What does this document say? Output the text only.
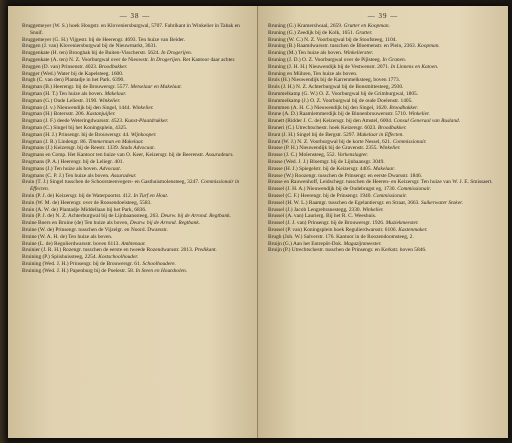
— 38 —

Bruggemeyer (W. S.) hoek Hoogstr. en Kloveniersburgwal, 5707. Fabrikant in Winkelier in Tabak en Snuif.

Bruggemeyer (G. H.) Vijgestr. bij de Heerengr. 4693. Ten huize van Beider.

Bruggen (J. van) Kloveniersburgwal bij de Nieuwmarkt, 3631.

Bruggenkate (H. ten) Brooghak bij de Buiten-Visscherstr. 5624. In Drogerijen.

Bruggenkate (A. ten) N. Z. Voorburgwal over de Nieuwstr. In Drogerijen. Ret Kantoor daar achter.

Bruggen (D. van) Prinsenstr. 4023. Broodbakker.

Brugger (Wed.) Water bij de Kapelsteeg. 1600.

Brugh (C. van den) Plantadje in het Park. 6390.

Brugman (B.) Heerengr. bij de Brouwersgr. 5577. Metselaar en Makelaar.

Brugman (H. T.) Ten huize als boven. Makelaar.

Brugman (G.) Oude Leliestr. 3190. Winkelier.

Brugman (J. v.) Nieuwendijk bij den Singel, 1444. Winkelier.

Brugman (H.) Botersstr. 206. Kastanjuijler.

Brugman (J. F.) deede Weteringdwarsstr. 4523. Kunst-Plaatdrukker.

Brugman (C.) Singel bij het Koningsplein, 4325.

Brugman (H. J.) Prinsengr. bij de Brouwersgr. 44. Wijnkooper.

Brugman (J. R.) Lindengr. 86. Timmerman en Makelaar.

Brugmans (J.) Keizersgr. bij de Reestr. 1339. Stads Advocaat.

Brugmans en Comp. Het Kantoor ten huize van O. Keer, Keizersgr. bij de Beerenstr. Assuradeurs.

Brugmans (P. A.) Heerengr. bij de Leliegr. 401.

Brugmans (J.) Ten huize als boven. Advocaat.

Brugmans (C. P. J.) Ten huize als boven. Assuradeur.

Bruin (T. J.) Singel tusschen de Schoorsteenvegers- en Gasthuismolensteeg, 3247. Commissionair in Effecten.

Bruin (P. J. de) Keizersgr. bij de Waterpoortst. 412. In Turf en Hout.

Bruin (W. M. de) Heerengr. over de Roosendoelsteeg, 5583.

Bruin (A. W. de) Plantadje Middellaan bij het Park, 6836.

Bruin (P. J. de) N. Z. Achterburgwal bij de Lijnbaanssteeg, 263. Deurw. bij de Arrond. Regtbank.

Bruine Boers en Bruine (de) Ten huize als boven, Deurw. bij de Arrond. Regtbank.

Bruine (W. de) Prinsengr. tusschen de Vijzelgr. en Noord. Dwarsstr.

Bruine (W. A. H. de) Ten huize als boven.

Bruine (L. de) Regulierdwarsstr. boven 6113. Ambtenaar.

Bruinier (J. R. H.) Rozengr. tusschen de eerste en tweede Rozendwarsstr. 2013. Predikant.

Bruining (P.) Spiishuissteeg, 2254. Kostschoolhouder.

Bruining (Wed. J. H.) Prinsengr. bij de Brouwersgr. 61. Schoolhoudere.

Bruining (Wed. J. H.) Papenburg bij de Poelestr. 58. In Steen en Houtsholen.

— 39 —

Bruning (G.) Kramerslwaal, 2659. Grutter en Koopman.

Bruning (G.) Zeedijk bij de Kolk, 1651. Grutter.

Bruning (W. C.) N. Z. Voorburgwal bij de Stoofsteeg, 1104.

Bruning (B.) Raamdwarsstr. tusschen de Bloemenstr. en Plein, 2363. Koopman.

Bruning (M.) Ten huize als boven. Winkelierster.

Bruning (J. D.) O. Z. Voorburgwal over de Pijlsteeg. In Granen.

Bruning (J. H. H.) Nieuwendijk bij de Vestwenstr. 2071. In Linnens en Katoen.

Bruning en Mühren, Ten huize als boven.

Bruls (H.) Nieuwendijk bij de Karrenmelksteeg, boven 1773.

Bruls (J. H.) N. Z. Achterburgwal bij de Bonsmittesteeg, 2930.

Brummelkamp (G. W.) O. Z. Voorburgwal bij de Grimburgwal, 1805.

Brummelkamp (J.) O. Z. Voorburgwal bij de oude Doelenstr. 1405.

Brummen (A. H. C.) Nieuwendijk bij den Singel, 1620. Broodbakker.

Brune (A. D.) Raamlemmerdijk bij de Binnenbrouwersstr. 5710. Winkelier.

Brunett (Ridder J. C. de) Keizersgr. bij den Amstel, 6004. Consul Generaal van Rusland.

Bruneri (C.) Utrechtschestr. hoek Keizersgr. 6023. Broodbakker.

Brunt (J. H.) Singel bij de Bergstr. 5297. Makelaar in Effecten.

Brunt (W. J.) N. Z. Voorburgwal bij de korte Nessel, 621. Commissionair.

Brusse (P. H.) Nieuwendijk bij de Gravenstr. 2355. Winkelier.

Brusse (J. C.) Molensteeg, 552. Varkenslagter.

Brusse (Wed. J. J.) Bloemgr. bij de Lijnbaansgr. 3049.

Brusse (H. J.) Spiegelstr. bij de Keizersgr. 4405. Makelaar.

Brusse (W.) Roozengr. tusschen de Prinsengr. en eerste Dwarsstr. 1846.

Brusse en Rauwenhoff, Leidschegr. tusschen de Heeren- en Keizersgr. Ten huize van W. J. E. Smissaert.

Brussel (J. H. A.) Nieuwendijk bij de Oudebrugst eg, 1730. Commissionair.

Brussel (C. F.) Heerengr. bij de Prinsengr. 1940. Commissionair.

Brussel (H. W. L.) Raamgr. tusschen de Egelantiersgr. en Straat, 3663. Suikerwater Stoker.

Brussel (J.) Jacob Lengrebranestegg, 2330. Winkelier.

Brussel (A. van) Laurierg. Bij het R. C. Weeshuis.

Brussel (J. J. van) Prinsengr. bij de Brouwersgr. 1926. Muziekmeester.

Brussel (P. van) Koningsplein hoek Regulierdwarsstr. 6106. Kastenmaker.

Brugh (Joh. W.) Salverstr. 176. Kantoor in de Roozendoomsteeg, 2.

Bruijn (G.) Aan het Entrepôt-Dok. Magazijnmeester.

Bruijn (P.) Utrechtschestr. tusschen de Prinsengr. en Kerkstr. boven 5846.
